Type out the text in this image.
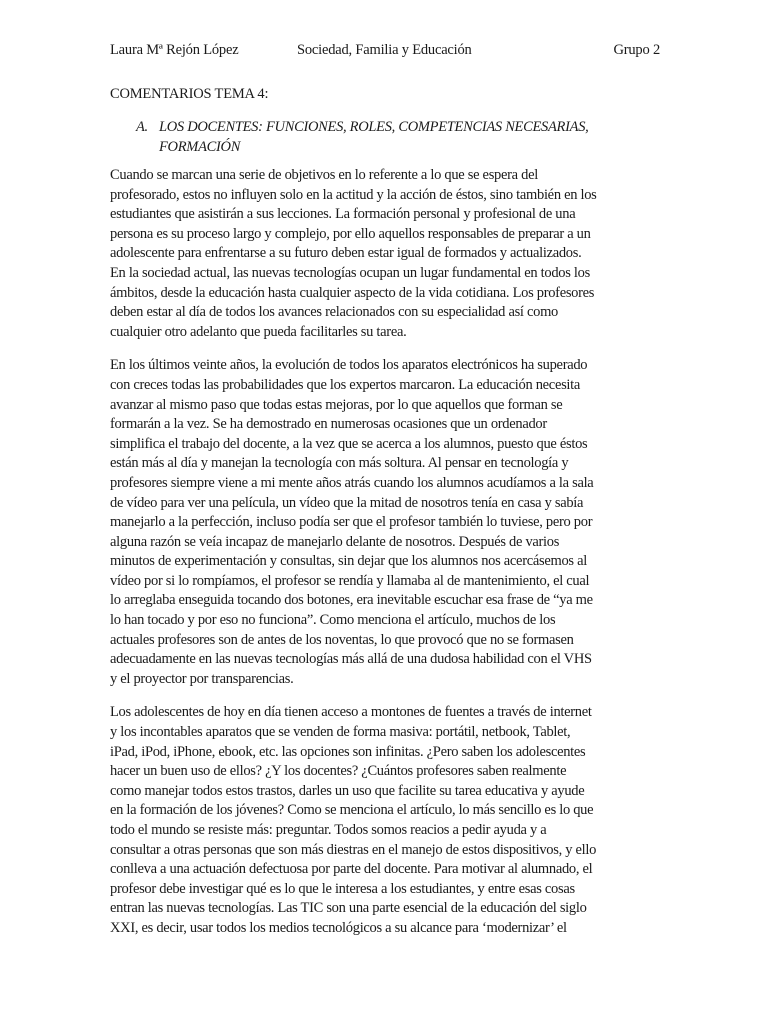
Laura Mª Rejón López	Sociedad, Familia y Educación	Grupo 2
COMENTARIOS TEMA 4:
A. LOS DOCENTES: FUNCIONES, ROLES, COMPETENCIAS NECESARIAS, FORMACIÓN

Cuando se marcan una serie de objetivos en lo referente a lo que se espera del
profesorado, estos no influyen solo en la actitud y la acción de éstos, sino también en los
estudiantes que asistirán a sus lecciones. La formación personal y profesional de una
persona es su proceso largo y complejo, por ello aquellos responsables de preparar a un
adolescente para enfrentarse a su futuro deben estar igual de formados y actualizados.
En la sociedad actual, las nuevas tecnologías ocupan un lugar fundamental en todos los
ámbitos, desde la educación hasta cualquier aspecto de la vida cotidiana. Los profesores
deben estar al día de todos los avances relacionados con su especialidad así como
cualquier otro adelanto que pueda facilitarles su tarea.

En los últimos veinte años, la evolución de todos los aparatos electrónicos ha superado
con creces todas las probabilidades que los expertos marcaron. La educación necesita
avanzar al mismo paso que todas estas mejoras, por lo que aquellos que forman se
formarán a la vez. Se ha demostrado en numerosas ocasiones que un ordenador
simplifica el trabajo del docente, a la vez que se acerca a los alumnos, puesto que éstos
están más al día y manejan la tecnología con más soltura. Al pensar en tecnología y
profesores siempre viene a mi mente años atrás cuando los alumnos acudíamos a la sala
de vídeo para ver una película, un vídeo que la mitad de nosotros tenía en casa y sabía
manejarlo a la perfección, incluso podía ser que el profesor también lo tuviese, pero por
alguna razón se veía incapaz de manejarlo delante de nosotros. Después de varios
minutos de experimentación y consultas, sin dejar que los alumnos nos acercásemos al
vídeo por si lo rompíamos, el profesor se rendía y llamaba al de mantenimiento, el cual
lo arreglaba enseguida tocando dos botones, era inevitable escuchar esa frase de “ya me
lo han tocado y por eso no funciona”. Como menciona el artículo, muchos de los
actuales profesores son de antes de los noventas, lo que provocó que no se formasen
adecuadamente en las nuevas tecnologías más allá de una dudosa habilidad con el VHS
y el proyector por transparencias.

Los adolescentes de hoy en día tienen acceso a montones de fuentes a través de internet
y los incontables aparatos que se venden de forma masiva: portátil, netbook, Tablet,
iPad, iPod, iPhone, ebook, etc. las opciones son infinitas. ¿Pero saben los adolescentes
hacer un buen uso de ellos? ¿Y los docentes? ¿Cuántos profesores saben realmente
como manejar todos estos trastos, darles un uso que facilite su tarea educativa y ayude
en la formación de los jóvenes? Como se menciona el artículo, lo más sencillo es lo que
todo el mundo se resiste más: preguntar. Todos somos reacios a pedir ayuda y a
consultar a otras personas que son más diestras en el manejo de estos dispositivos, y ello
conlleva a una actuación defectuosa por parte del docente. Para motivar al alumnado, el
profesor debe investigar qué es lo que le interesa a los estudiantes, y entre esas cosas
entran las nuevas tecnologías. Las TIC son una parte esencial de la educación del siglo
XXI, es decir, usar todos los medios tecnológicos a su alcance para ‘modernizar’ el
